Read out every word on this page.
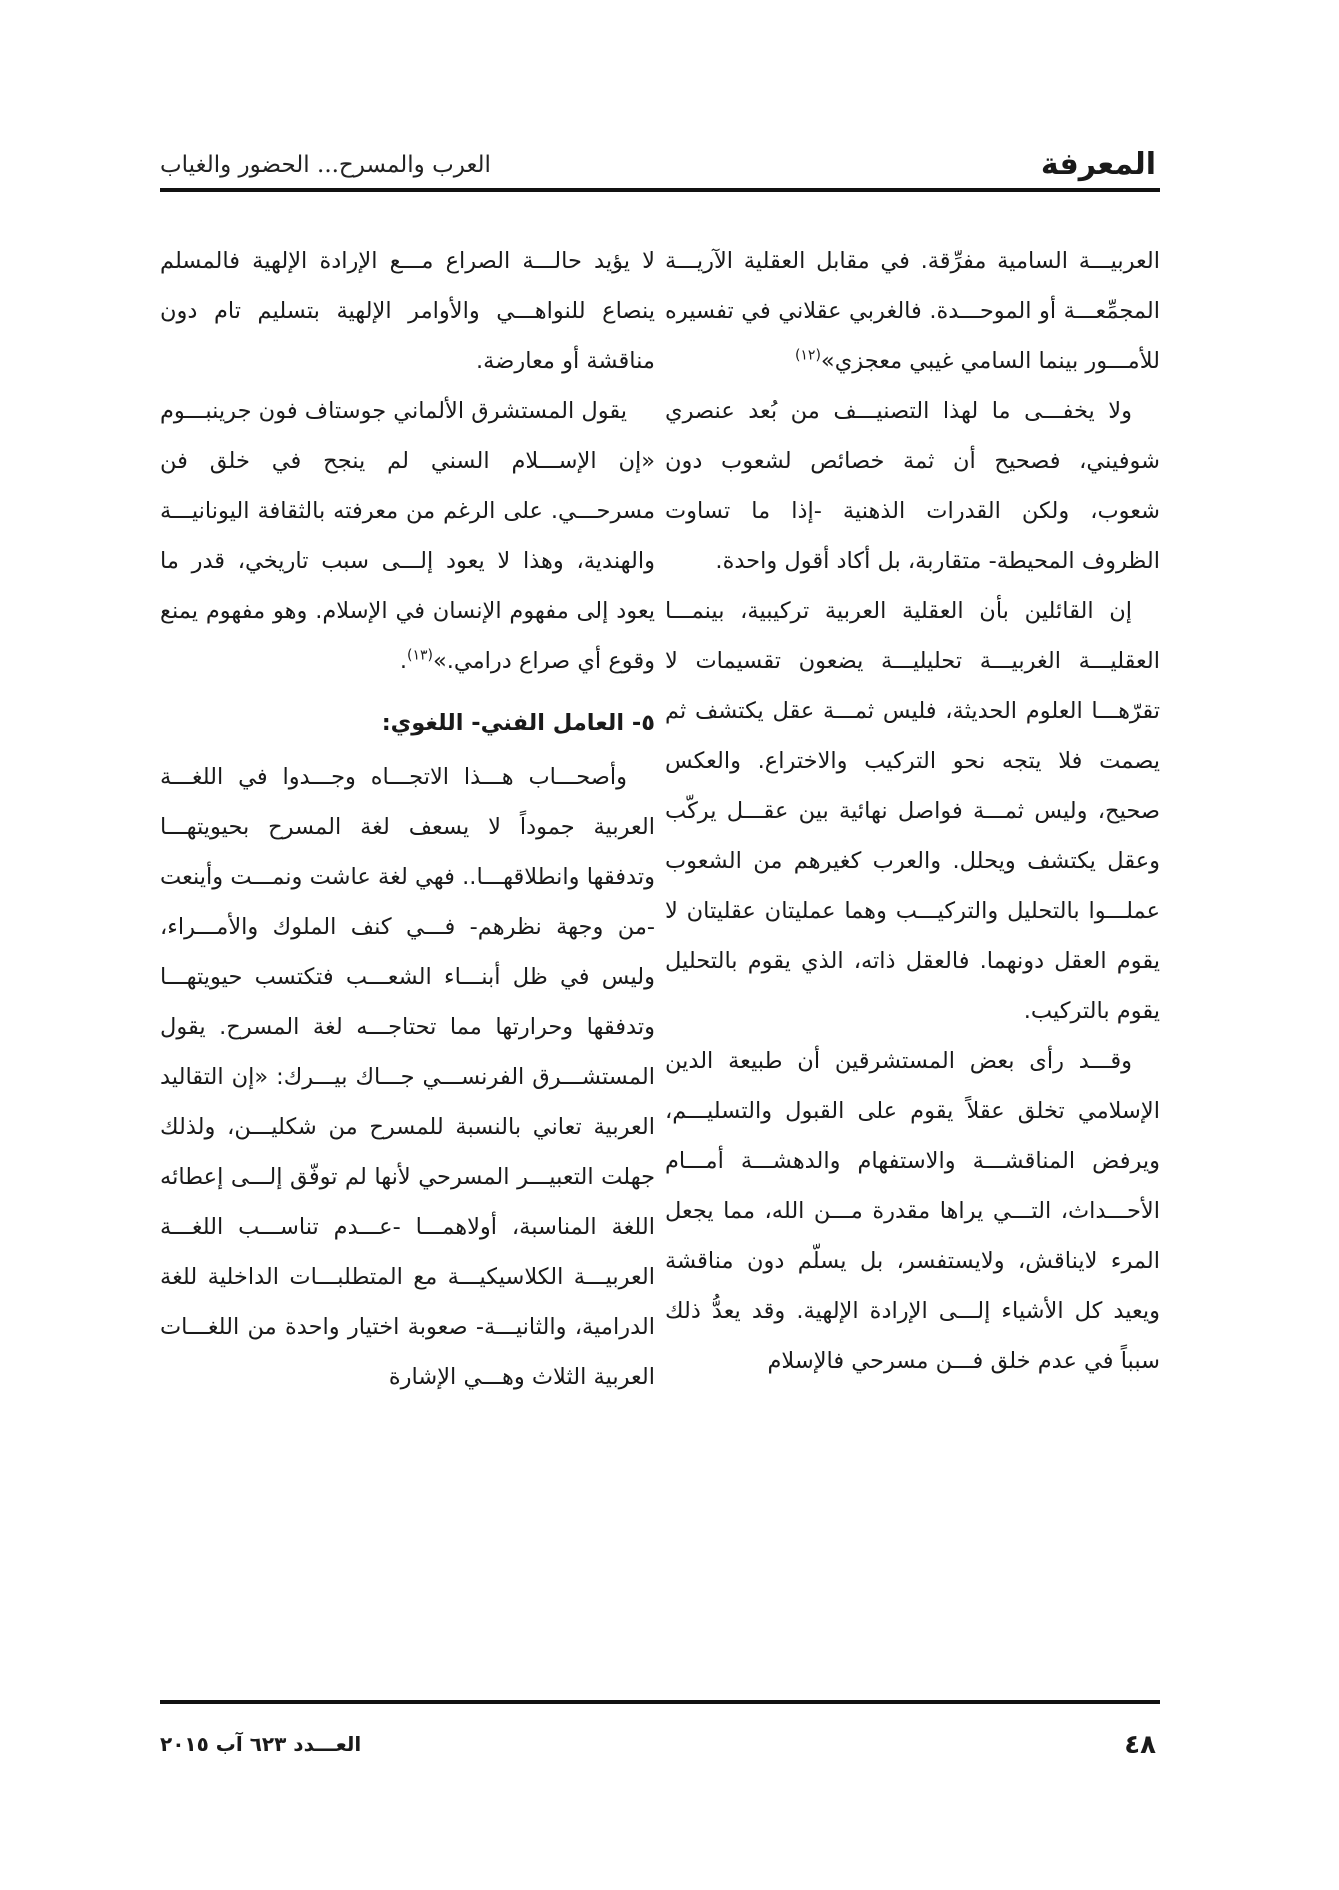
المعرفة
العرب والمسرح... الحضور والغياب

العربيـــة السامية مفرِّقة. في مقابل العقلية الآريـــة المجمِّعـــة أو الموحـــدة. فالغربي عقلاني في تفسيره للأمـــور بينما السامي غيبي معجزي»$^{(١٢)}$

ولا يخفـــى ما لهذا التصنيـــف من بُعد عنصري شوفيني، فصحيح أن ثمة خصائص لشعوب دون شعوب، ولكن القدرات الذهنية -إذا ما تساوت الظروف المحيطة- متقاربة، بل أكاد أقول واحدة.

إن القائلين بأن العقلية العربية تركيبية، بينمـــا العقليـــة الغربيـــة تحليليـــة يضعون تقسيمات لا تقرّهـــا العلوم الحديثة، فليس ثمـــة عقل يكتشف ثم يصمت فلا يتجه نحو التركيب والاختراع. والعكس صحيح، وليس ثمـــة فواصل نهائية بين عقـــل يركّب وعقل يكتشف ويحلل. والعرب كغيرهم من الشعوب عملـــوا بالتحليل والتركيـــب وهما عمليتان عقليتان لا يقوم العقل دونهما. فالعقل ذاته، الذي يقوم بالتحليل يقوم بالتركيب.

وقـــد رأى بعض المستشرقين أن طبيعة الدين الإسلامي تخلق عقلاً يقوم على القبول والتسليـــم، ويرفض المناقشـــة والاستفهام والدهشـــة أمـــام الأحـــداث، التـــي يراها مقدرة مـــن الله، مما يجعل المرء لايناقش، ولايستفسر، بل يسلّم دون مناقشة ويعيد كل الأشياء إلـــى الإرادة الإلهية. وقد يعدُّ ذلك سبباً في عدم خلق فـــن مسرحي فالإسلام

لا يؤيد حالـــة الصراع مـــع الإرادة الإلهية فالمسلم ينصاع للنواهـــي والأوامر الإلهية بتسليم تام دون مناقشة أو معارضة.

يقول المستشرق الألماني جوستاف فون جرينبـــوم «إن الإســـلام السني لم ينجح في خلق فن مسرحـــي. على الرغم من معرفته بالثقافة اليونانيـــة والهندية، وهذا لا يعود إلـــى سبب تاريخي، قدر ما يعود إلى مفهوم الإنسان في الإسلام. وهو مفهوم يمنع وقوع أي صراع درامي.»$^{(١٣)}$.

٥- العامل الفني- اللغوي:

وأصحـــاب هـــذا الاتجـــاه وجـــدوا في اللغـــة العربية جموداً لا يسعف لغة المسرح بحيويتهـــا وتدفقها وانطلاقهـــا.. فهي لغة عاشت ونمـــت وأينعت -من وجهة نظرهم- فـــي كنف الملوك والأمـــراء، وليس في ظل أبنـــاء الشعـــب فتكتسب حيويتهـــا وتدفقها وحرارتها مما تحتاجـــه لغة المسرح. يقول المستشـــرق الفرنســـي جـــاك بيـــرك: «إن التقاليد العربية تعاني بالنسبة للمسرح من شكليـــن، ولذلك جهلت التعبيـــر المسرحي لأنها لم توفّق إلـــى إعطائه اللغة المناسبة، أولاهمـــا -عـــدم تناســـب اللغـــة العربيـــة الكلاسيكيـــة مع المتطلبـــات الداخلية للغة الدرامية، والثانيـــة- صعوبة اختيار واحدة من اللغـــات العربية الثلاث وهـــي الإشارة

٤٨
العـــدد ٦٢٣ آب ٢٠١٥
